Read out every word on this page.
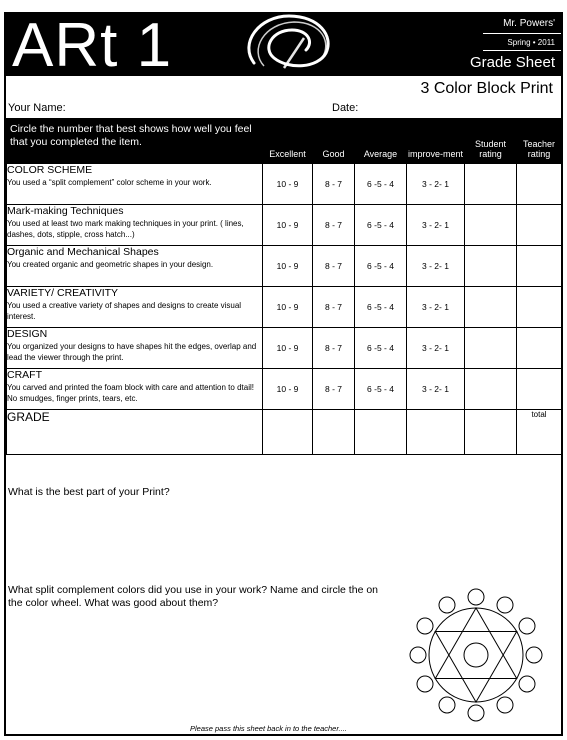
ARt 1	Mr. Powers'
Spring • 2011
Grade Sheet
3 Color Block Print
Your Name:	Date:
Circle the number that best shows how well you feel that you completed the item.	Excellent	Good	Average	improve-ment	Student rating	Teacher rating

COLOR SCHEME
You used a “split complement” color scheme in your work.	10 - 9	8 - 7	6 -5 - 4	3 - 2- 1		

Mark-making Techniques
You used at least two mark making techniques in your print. ( lines, dashes, dots, stipple, cross hatch...)	10 - 9	8 - 7	6 -5 - 4	3 - 2- 1		

Organic and Mechanical Shapes
You created organic and geometric shapes in your design.	10 - 9	8 - 7	6 -5 - 4	3 - 2- 1		

VARIETY/ CREATIVITY
You used a creative variety of shapes and designs to create visual interest.	10 - 9	8 - 7	6 -5 - 4	3 - 2- 1		

DESIGN
You organized your designs to have shapes hit the edges, overlap and lead the viewer through the print.	10 - 9	8 - 7	6 -5 - 4	3 - 2- 1		

CRAFT
You carved and printed the foam block with care and attention to dtail! No smudges, finger prints, tears, etc.	10 - 9	8 - 7	6 -5 - 4	3 - 2- 1		
GRADE						total
What is the best part of your Print?
What split complement colors did you use in your work? Name and circle the on the color wheel. What was good about them?
Please pass this sheet back in to the teacher....
